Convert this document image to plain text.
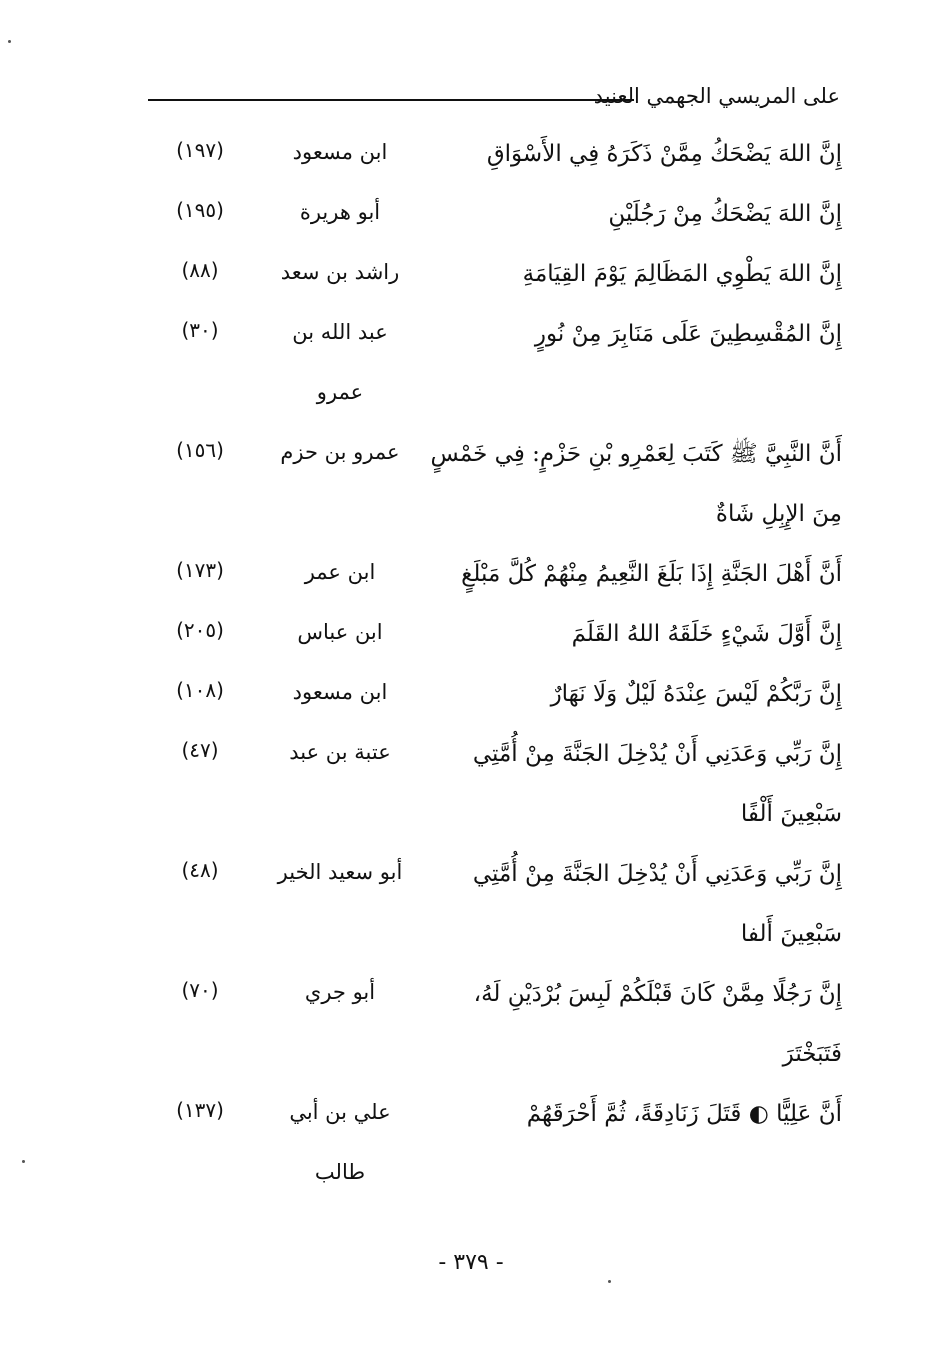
على المريسي الجهمي العنيد
إِنَّ اللهَ يَضْحَكُ مِمَّنْ ذَكَرَهُ فِي الأَسْوَاقِ
ابن مسعود
(١٩٧)
إِنَّ اللهَ يَضْحَكُ مِنْ رَجُلَيْنِ
أبو هريرة
(١٩٥)
إِنَّ اللهَ يَطْوِي المَظَالِمَ يَوْمَ القِيَامَةِ
راشد بن سعد
(٨٨)
إِنَّ المُقْسِطِينَ عَلَى مَنَابِرَ مِنْ نُورٍ
عبد الله بن
(٣٠)
عمرو
أَنَّ النَّبِيَّ ﷺ كَتَبَ لِعَمْرِو بْنِ حَزْمٍ: فِي خَمْسٍ
عمرو بن حزم
(١٥٦)
مِنَ الإِبِلِ شَاةٌ
أَنَّ أَهْلَ الجَنَّةِ إِذَا بَلَغَ النَّعِيمُ مِنْهُمْ كُلَّ مَبْلَغٍ
ابن عمر
(١٧٣)
إِنَّ أَوَّلَ شَيْءٍ خَلَقَهُ اللهُ القَلَمَ
ابن عباس
(٢٠٥)
إِنَّ رَبَّكُمْ لَيْسَ عِنْدَهُ لَيْلٌ وَلَا نَهَارٌ
ابن مسعود
(١٠٨)
إِنَّ رَبِّي وَعَدَنِي أَنْ يُدْخِلَ الجَنَّةَ مِنْ أُمَّتِي
عتبة بن عبد
(٤٧)
سَبْعِينَ أَلْفًا
إِنَّ رَبِّي وَعَدَنِي أَنْ يُدْخِلَ الجَنَّةَ مِنْ أُمَّتِي
أبو سعيد الخير
(٤٨)
سَبْعِينَ أَلفا
إِنَّ رَجُلًا مِمَّنْ كَانَ قَبْلَكُمْ لَبِسَ بُرْدَيْنِ لَهُ،
أبو جري
(٧٠)
فَتَبَخْتَرَ
أَنَّ عَلِيًّا ◐ قَتَلَ زَنَادِقَةً، ثُمَّ أَحْرَقَهُمْ
علي بن أبي
(١٣٧)
طالب
- ٣٧٩ -
